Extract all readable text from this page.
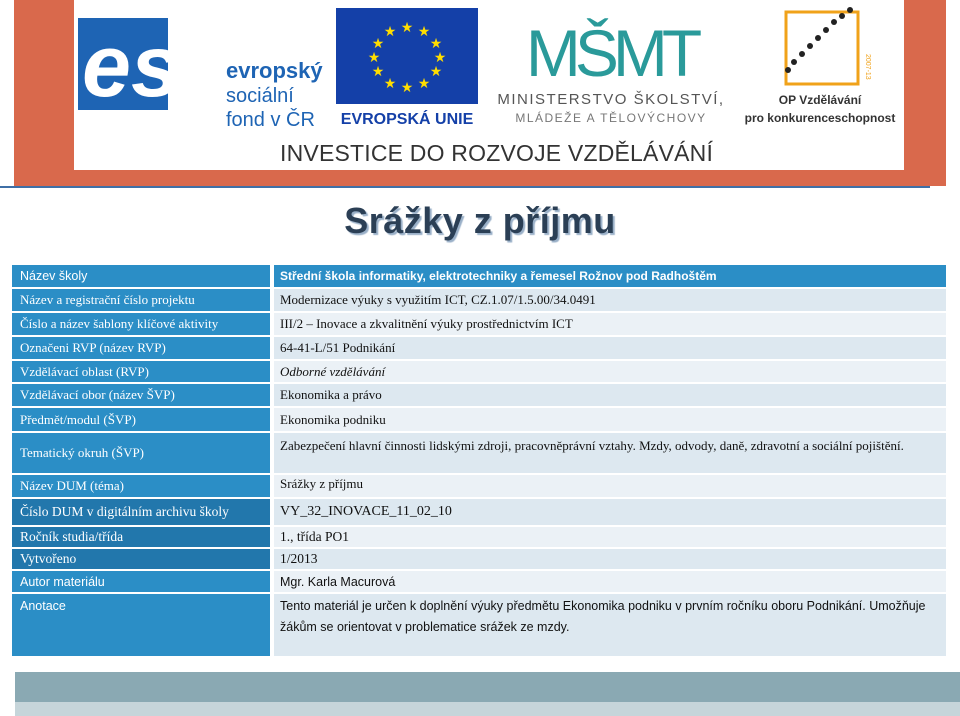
esf evropský
sociální
fond v ČR
★ ★
★
★
★
★
★
★
★
★
★
★
EVROPSKÁ UNIE
MŠMT
MINISTERSTVO ŠKOLSTVÍ,
MLÁDEŽE A TĚLOVÝCHOVY
2007-13
OP Vzdělávání
pro konkurenceschopnost
INVESTICE DO ROZVOJE VZDĚLÁVÁNÍ
Srážky z příjmu
Název školy	Střední škola informatiky, elektrotechniky a řemesel Rožnov pod Radhoštěm
Název a registrační číslo projektu	Modernizace výuky s využitím ICT, CZ.1.07/1.5.00/34.0491
Číslo a název šablony klíčové aktivity	III/2 – Inovace a zkvalitnění výuky prostřednictvím ICT
Označeni RVP (název RVP)	64-41-L/51 Podnikání
Vzdělávací oblast (RVP)	Odborné vzdělávání
Vzdělávací obor (název ŠVP)	Ekonomika a právo
Předmět/modul (ŠVP)	Ekonomika podniku
Tematický okruh (ŠVP)	Zabezpečení hlavní činnosti lidskými zdroji, pracovněprávní vztahy. Mzdy, odvody, daně, zdravotní a sociální pojištění.
Název DUM (téma)	Srážky z příjmu
Číslo DUM v digitálním archivu školy	VY_32_INOVACE_11_02_10
Ročník studia/třída	1., třída PO1
Vytvořeno	1/2013
Autor materiálu	Mgr. Karla Macurová
Anotace	Tento materiál je určen k doplnění výuky předmětu Ekonomika podniku v prvním ročníku oboru Podnikání. Umožňuje žákům se orientovat v problematice srážek ze mzdy.
